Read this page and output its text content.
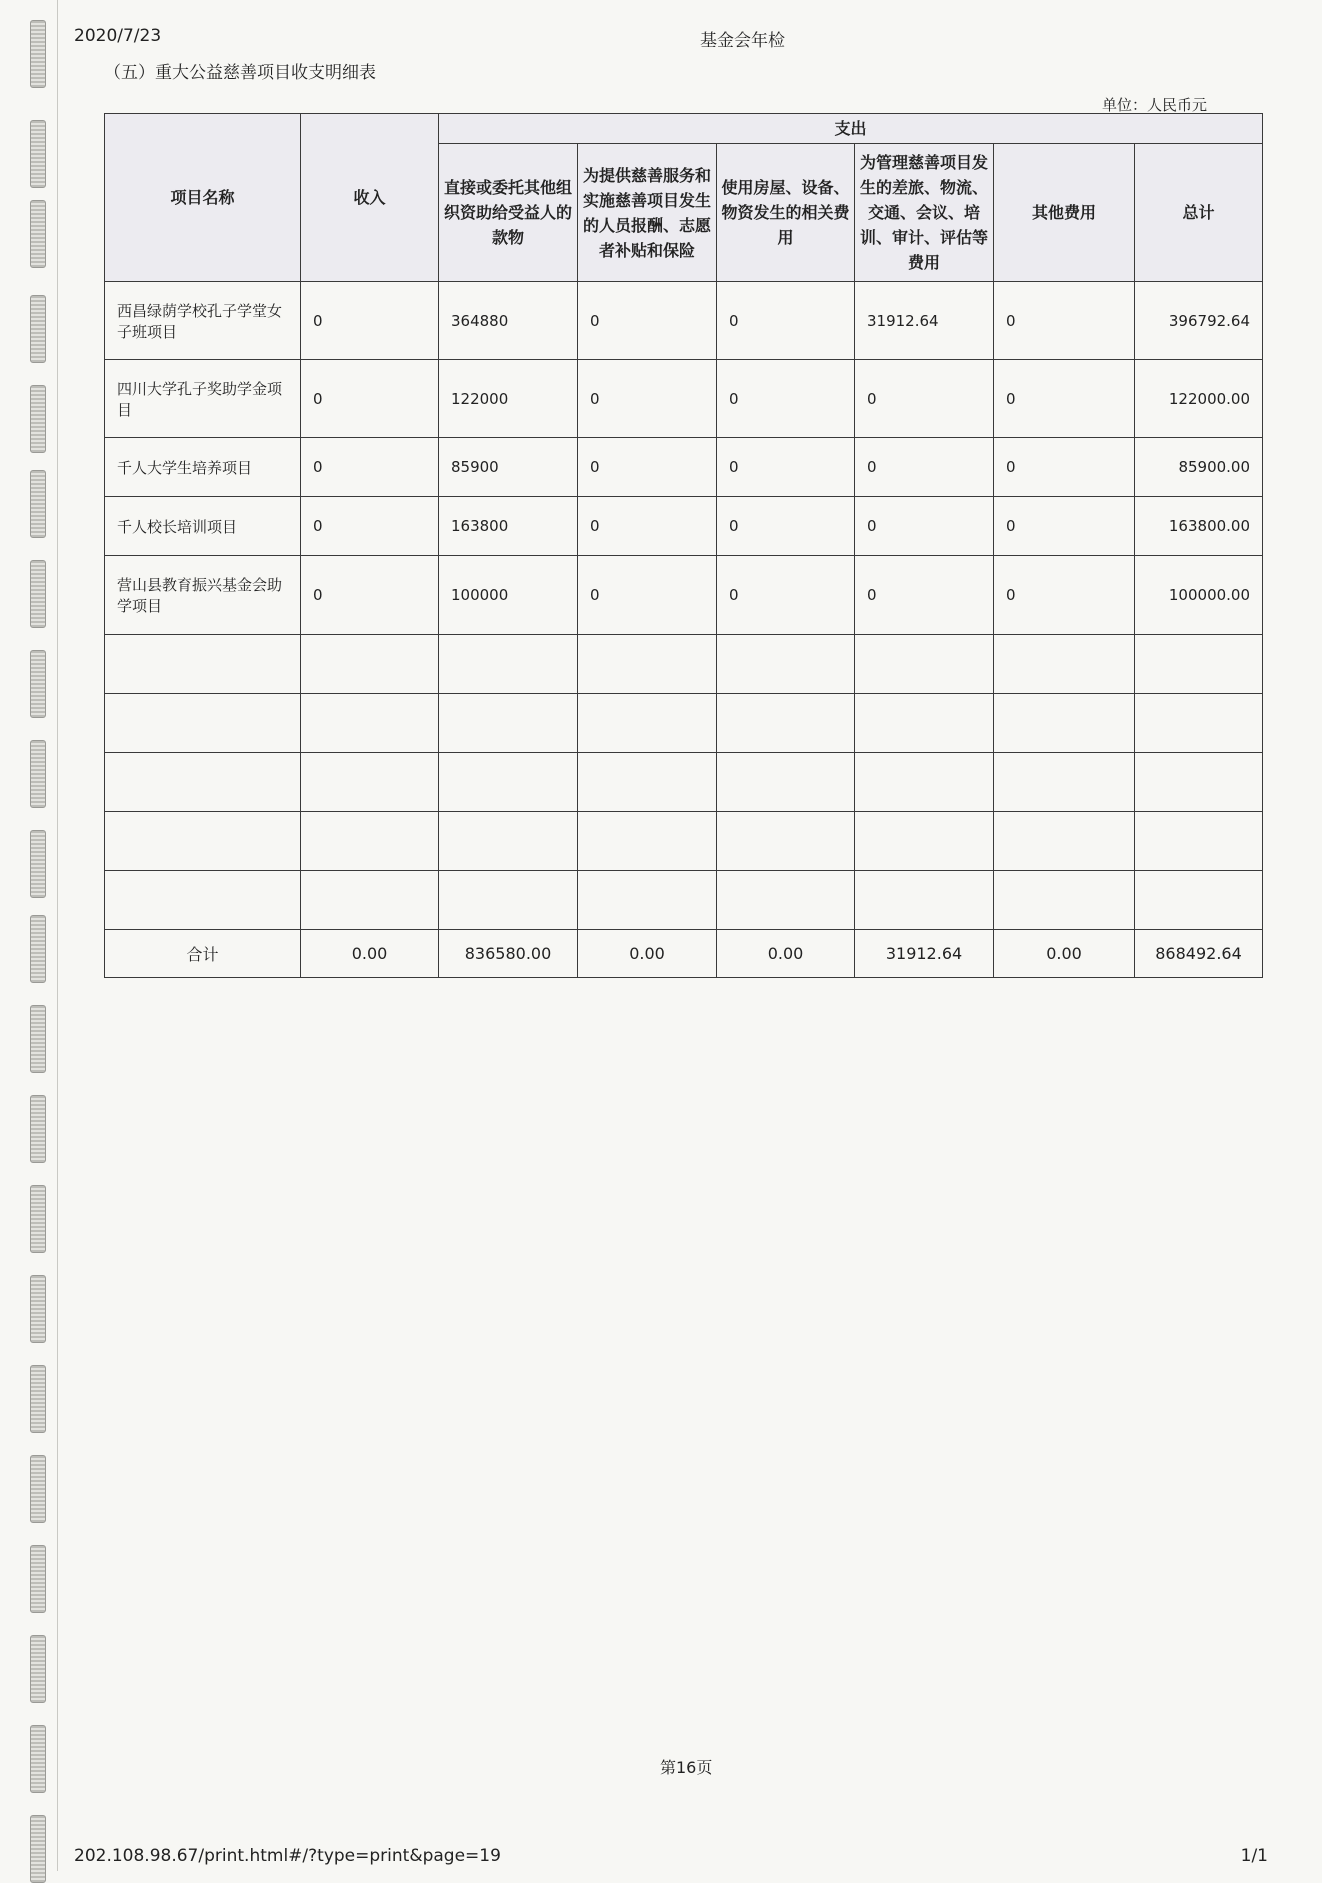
2020/7/23	基金会年检
（五）重大公益慈善项目收支明细表
单位：人民币元
项目名称	收入	支出					
		直接或委托其他组织资助给受益人的款物	为提供慈善服务和实施慈善项目发生的人员报酬、志愿者补贴和保险	使用房屋、设备、物资发生的相关费用	为管理慈善项目发生的差旅、物流、交通、会议、培训、审计、评估等费用	其他费用	总计
西昌绿荫学校孔子学堂女子班项目	0	364880	0	0	31912.64	0	396792.64
四川大学孔子奖助学金项目	0	122000	0	0	0	0	122000.00
千人大学生培养项目	0	85900	0	0	0	0	85900.00
千人校长培训项目	0	163800	0	0	0	0	163800.00
营山县教育振兴基金会助学项目	0	100000	0	0	0	0	100000.00

合计	0.00	836580.00	0.00	0.00	31912.64	0.00	868492.64
第16页
202.108.98.67/print.html#/?type=print&page=19	1/1
